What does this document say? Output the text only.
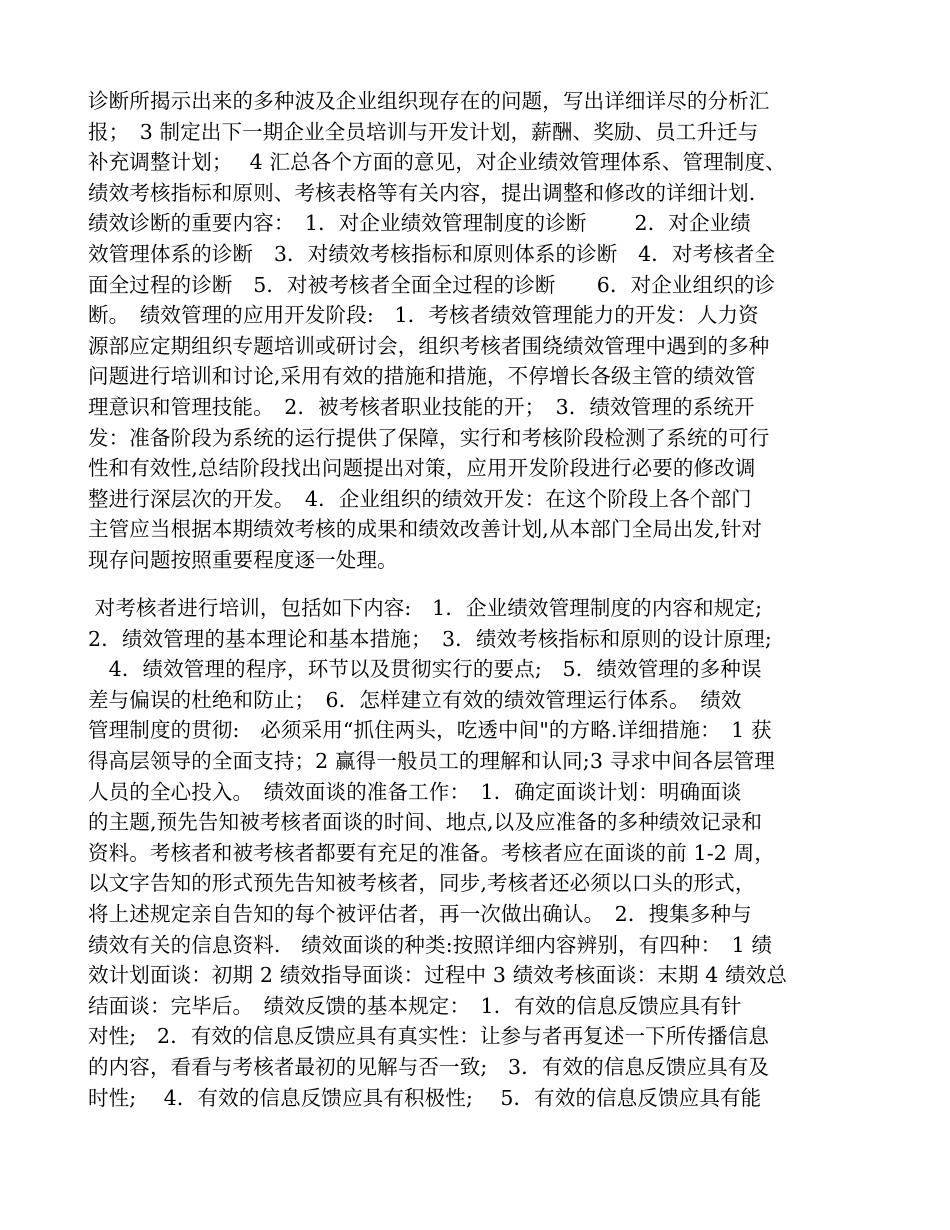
诊断所揭示出来的多种波及企业组织现存在的问题，写出详细详尽的分析汇
报；　3 制定出下一期企业全员培训与开发计划，薪酬、奖励、员工升迁与
补充调整计划；　 4 汇总各个方面的意见，对企业绩效管理体系、管理制度、
绩效考核指标和原则、考核表格等有关内容，提出调整和修改的详细计划.
绩效诊断的重要内容：　1．对企业绩效管理制度的诊断　　 2．对企业绩
效管理体系的诊断　3．对绩效考核指标和原则体系的诊断　4．对考核者全
面全过程的诊断　5．对被考核者全面全过程的诊断　　6．对企业组织的诊
断。　绩效管理的应用开发阶段:　1．考核者绩效管理能力的开发：人力资
源部应定期组织专题培训或研讨会，组织考核者围绕绩效管理中遇到的多种
问题进行培训和讨论,采用有效的措施和措施，不停增长各级主管的绩效管
理意识和管理技能。　2．被考核者职业技能的开；　3．绩效管理的系统开
发：准备阶段为系统的运行提供了保障，实行和考核阶段检测了系统的可行
性和有效性,总结阶段找出问题提出对策，应用开发阶段进行必要的修改调
整进行深层次的开发。　4．企业组织的绩效开发：在这个阶段上各个部门
主管应当根据本期绩效考核的成果和绩效改善计划,从本部门全局出发,针对
现存问题按照重要程度逐一处理。
对考核者进行培训，包括如下内容:　1．企业绩效管理制度的内容和规定;
2．绩效管理的基本理论和基本措施；　3．绩效考核指标和原则的设计原理;
　4．绩效管理的程序，环节以及贯彻实行的要点;　5．绩效管理的多种误
差与偏误的杜绝和防止；　6．怎样建立有效的绩效管理运行体系。　绩效
管理制度的贯彻:　必须采用“抓住两头，吃透中间"的方略.详细措施：　1 获
得高层领导的全面支持；2 赢得一般员工的理解和认同;3 寻求中间各层管理
人员的全心投入。　绩效面谈的准备工作：　1．确定面谈计划：明确面谈
的主题,预先告知被考核者面谈的时间、地点,以及应准备的多种绩效记录和
资料。考核者和被考核者都要有充足的准备。考核者应在面谈的前 1-2 周，
以文字告知的形式预先告知被考核者，同步,考核者还必须以口头的形式，
将上述规定亲自告知的每个被评估者，再一次做出确认。　2．搜集多种与
绩效有关的信息资料.　绩效面谈的种类:按照详细内容辨别，有四种：　1 绩
效计划面谈：初期 2 绩效指导面谈：过程中 3 绩效考核面谈：末期 4 绩效总
结面谈：完毕后。　绩效反馈的基本规定：　1．有效的信息反馈应具有针
对性;　2．有效的信息反馈应具有真实性：让参与者再复述一下所传播信息
的内容，看看与考核者最初的见解与否一致;　3．有效的信息反馈应具有及
时性;　 4．有效的信息反馈应具有积极性;　 5．有效的信息反馈应具有能
